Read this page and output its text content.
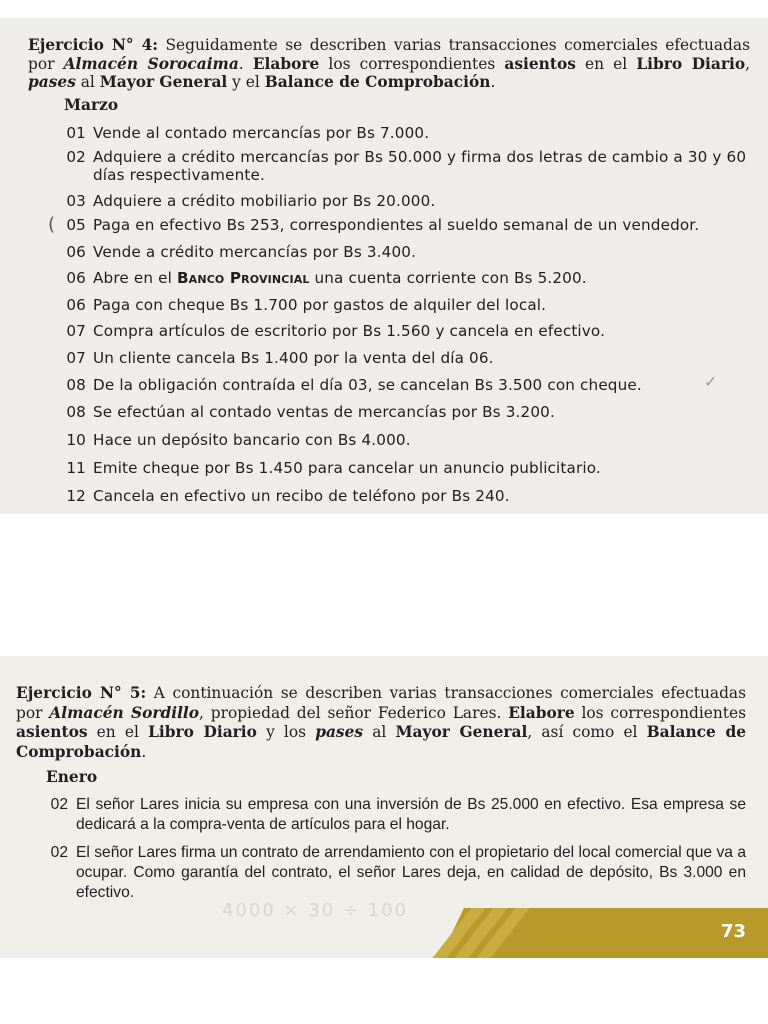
Ejercicio N° 4: Seguidamente se describen varias transacciones comerciales efectuadas por Almacén Sorocaima. Elabore los correspondientes asientos en el Libro Diario, pases al Mayor General y el Balance de Comprobación.
Marzo
01 Vende al contado mercancías por Bs 7.000.
02 Adquiere a crédito mercancías por Bs 50.000 y firma dos letras de cambio a 30 y 60 días respectivamente.
03 Adquiere a crédito mobiliario por Bs 20.000.
05 Paga en efectivo Bs 253, correspondientes al sueldo semanal de un vendedor.
06 Vende a crédito mercancías por Bs 3.400.
06 Abre en el Banco Provincial una cuenta corriente con Bs 5.200.
06 Paga con cheque Bs 1.700 por gastos de alquiler del local.
07 Compra artículos de escritorio por Bs 1.560 y cancela en efectivo.
07 Un cliente cancela Bs 1.400 por la venta del día 06.
08 De la obligación contraída el día 03, se cancelan Bs 3.500 con cheque.
08 Se efectúan al contado ventas de mercancías por Bs 3.200.
10 Hace un depósito bancario con Bs 4.000.
11 Emite cheque por Bs 1.450 para cancelar un anuncio publicitario.
12 Cancela en efectivo un recibo de teléfono por Bs 240.
(
✓
Ejercicio N° 5: A continuación se describen varias transacciones comerciales efectuadas por Almacén Sordillo, propiedad del señor Federico Lares. Elabore los correspondientes asientos en el Libro Diario y los pases al Mayor General, así como el Balance de Comprobación.
Enero
02 El señor Lares inicia su empresa con una inversión de Bs 25.000 en efectivo. Esa empresa se dedicará a la compra-venta de artículos para el hogar.
02 El señor Lares firma un contrato de arrendamiento con el propietario del local comercial que va a ocupar. Como garantía del contrato, el señor Lares deja, en calidad de depósito, Bs 3.000 en efectivo.
4000 × 30 ÷ 100
73
